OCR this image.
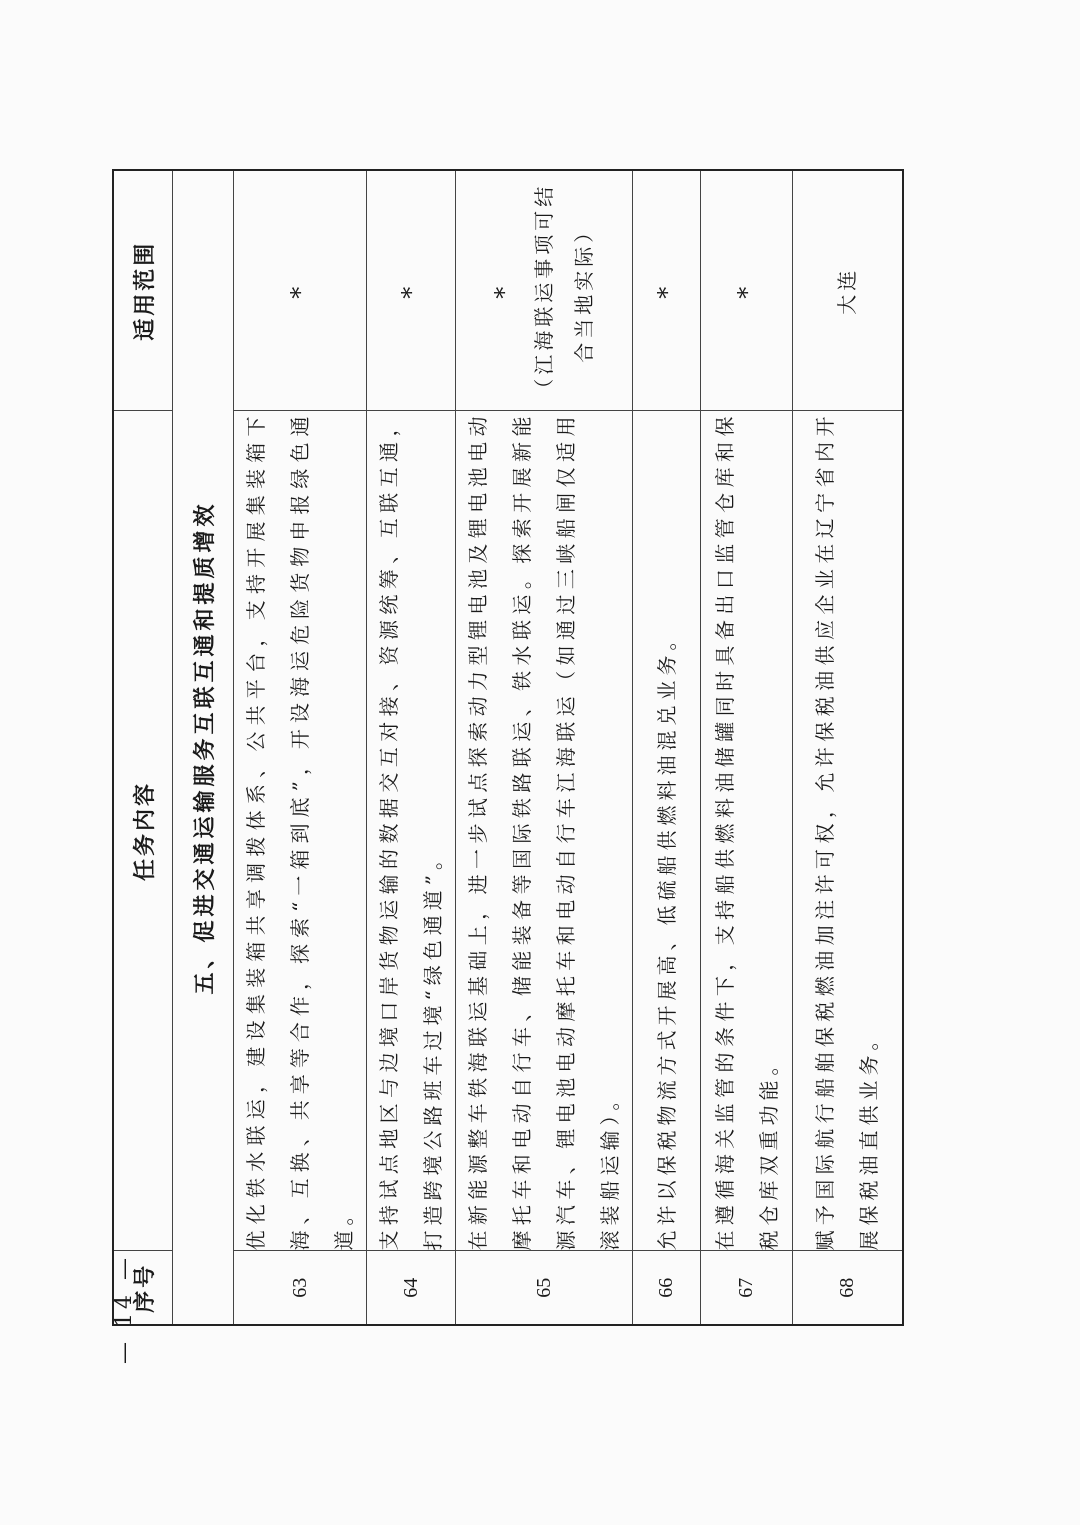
序号	任务内容	适用范围
五、促进交通运输服务互联互通和提质增效		
63	优化铁水联运，建设集装箱共享调拨体系、公共平台，支持开展集装箱下海、互换、共享等合作，探索“一箱到底”，开设海运危险货物申报绿色通道。	*

64	支持试点地区与边境口岸货物运输的数据交互对接、资源统筹、互联互通，打造跨境公路班车过境“绿色通道”。	*

65	在新能源整车铁海联运基础上，进一步试点探索动力型锂电池及锂电池电动摩托车和电动自行车、储能装备等国际铁路联运、铁水联运。探索开展新能源汽车、锂电池电动摩托车和电动自行车江海联运（如通过三峡船闸仅适用滚装船运输）。	* （江海联运事项可结合当地实际）
66	允许以保税物流方式开展高、低硫船供燃料油混兑业务。	*

67	在遵循海关监管的条件下，支持船供燃料油储罐同时具备出口监管仓库和保税仓库双重功能。	*

68	赋予国际航行船舶保税燃油加注许可权，允许保税油供应企业在辽宁省内开展保税油直供业务。	大连
— 14 —
